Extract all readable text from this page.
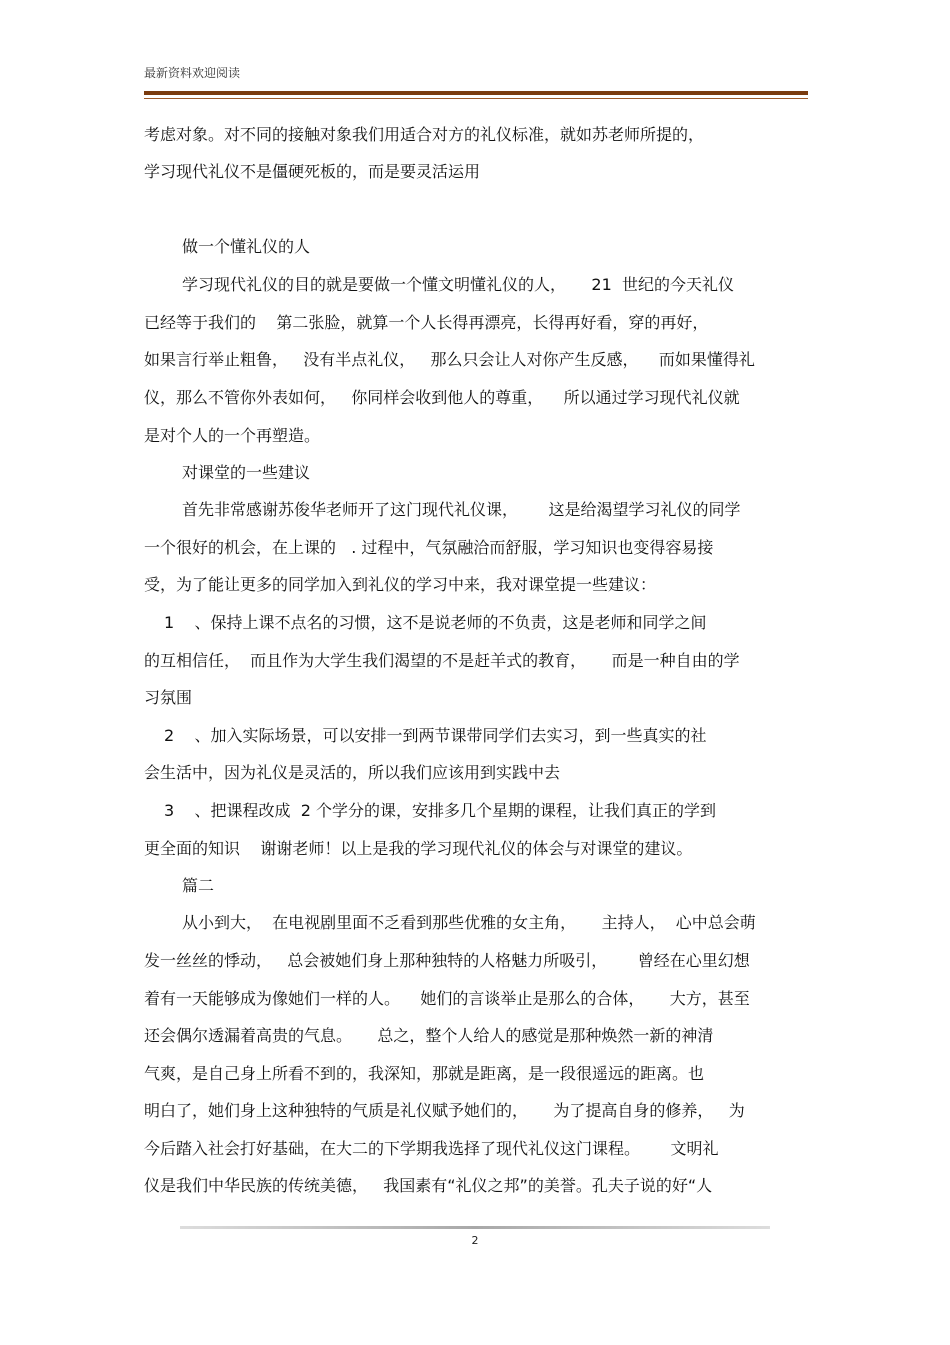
最新资料欢迎阅读
考虑对象。对不同的接触对象我们用适合对方的礼仪标准，就如苏老师所提的，
学习现代礼仪不是僵硬死板的，而是要灵活运用
做一个懂礼仪的人
学习现代礼仪的目的就是要做一个懂文明懂礼仪的人，     21  世纪的今天礼仪
已经等于我们的    第二张脸，就算一个人长得再漂亮，长得再好看，穿的再好，
如果言行举止粗鲁，   没有半点礼仪，   那么只会让人对你产生反感，    而如果懂得礼
仪，那么不管你外表如何，   你同样会收到他人的尊重，    所以通过学习现代礼仪就
是对个人的一个再塑造。
对课堂的一些建议
首先非常感谢苏俊华老师开了这门现代礼仪课，      这是给渴望学习礼仪的同学
一个很好的机会，在上课的   . 过程中，气氛融洽而舒服，学习知识也变得容易接
受，为了能让更多的同学加入到礼仪的学习中来，我对课堂提一些建议：
1    、保持上课不点名的习惯，这不是说老师的不负责，这是老师和同学之间
的互相信任，  而且作为大学生我们渴望的不是赶羊式的教育，     而是一种自由的学
习氛围
2    、加入实际场景，可以安排一到两节课带同学们去实习，到一些真实的社
会生活中，因为礼仪是灵活的，所以我们应该用到实践中去
3    、把课程改成  2 个学分的课，安排多几个星期的课程，让我们真正的学到
更全面的知识    谢谢老师！以上是我的学习现代礼仪的体会与对课堂的建议。
篇二
从小到大，  在电视剧里面不乏看到那些优雅的女主角，     主持人，  心中总会萌
发一丝丝的悸动，   总会被她们身上那种独特的人格魅力所吸引，      曾经在心里幻想
着有一天能够成为像她们一样的人。    她们的言谈举止是那么的合体，     大方，甚至
还会偶尔透漏着高贵的气息。     总之，整个人给人的感觉是那种焕然一新的神清
气爽，是自己身上所看不到的，我深知，那就是距离，是一段很遥远的距离。也
明白了，她们身上这种独特的气质是礼仪赋予她们的，     为了提高自身的修养，   为
今后踏入社会打好基础，在大二的下学期我选择了现代礼仪这门课程。      文明礼
仪是我们中华民族的传统美德，   我国素有“礼仪之邦”的美誉。孔夫子说的好“人
2
